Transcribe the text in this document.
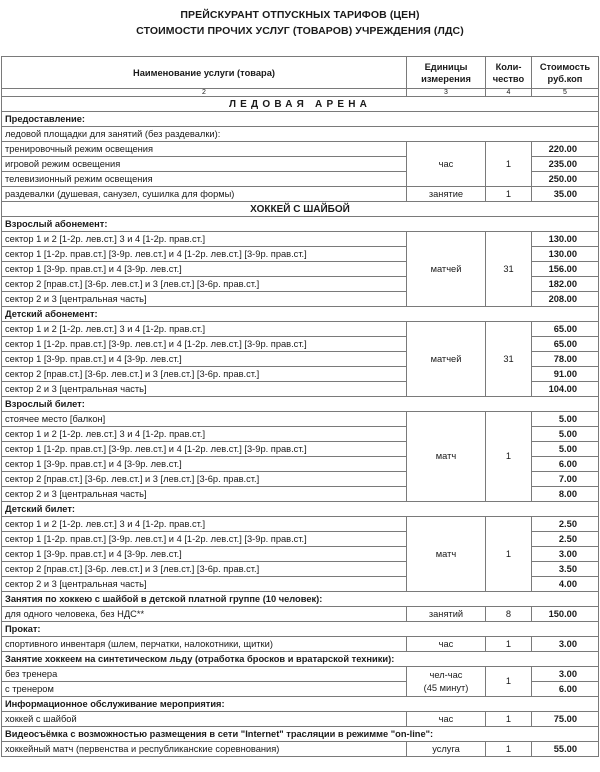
ПРЕЙСКУРАНТ ОТПУСКНЫХ ТАРИФОВ (ЦЕН)
СТОИМОСТИ ПРОЧИХ УСЛУГ (ТОВАРОВ) УЧРЕЖДЕНИЯ (ЛДС)
Наименование услуги (товара)	Единицы
измерения	Коли-
чество	Стоимость
руб.коп
2	3	4	5
ЛЕДОВАЯ АРЕНА			
Предоставление:			
ледовой площадки для занятий (без раздевалки):			
тренировочный режим освещения	час	1	220.00
игровой режим освещения			235.00
телевизионный режим освещения			250.00
раздевалки (душевая, санузел, сушилка для формы)	занятие	1	35.00
ХОККЕЙ С ШАЙБОЙ			
Взрослый абонемент:			
сектор 1 и 2 [1-2р. лев.ст.] 3 и 4 [1-2р. прав.ст.]	матчей	31	130.00
сектор 1 [1-2р. прав.ст.] [3-9р. лев.ст.] и 4 [1-2р. лев.ст.] [3-9р. прав.ст.]			130.00
сектор 1 [3-9р. прав.ст.] и 4 [3-9р. лев.ст.]			156.00
сектор 2 [прав.ст.] [3-6р. лев.ст.] и 3 [лев.ст.] [3-6р. прав.ст.]			182.00
сектор 2 и 3 [центральная часть]			208.00
Детский абонемент:			
сектор 1 и 2 [1-2р. лев.ст.] 3 и 4 [1-2р. прав.ст.]	матчей	31	65.00
сектор 1 [1-2р. прав.ст.] [3-9р. лев.ст.] и 4 [1-2р. лев.ст.] [3-9р. прав.ст.]			65.00
сектор 1 [3-9р. прав.ст.] и 4 [3-9р. лев.ст.]			78.00
сектор 2 [прав.ст.] [3-6р. лев.ст.] и 3 [лев.ст.] [3-6р. прав.ст.]			91.00
сектор 2 и 3 [центральная часть]			104.00
Взрослый билет:			
стоячее место [балкон]	матч	1	5.00
сектор 1 и 2 [1-2р. лев.ст.] 3 и 4 [1-2р. прав.ст.]			5.00
сектор 1 [1-2р. прав.ст.] [3-9р. лев.ст.] и 4 [1-2р. лев.ст.] [3-9р. прав.ст.]			5.00
сектор 1 [3-9р. прав.ст.] и 4 [3-9р. лев.ст.]			6.00
сектор 2 [прав.ст.] [3-6р. лев.ст.] и 3 [лев.ст.] [3-6р. прав.ст.]			7.00
сектор 2 и 3 [центральная часть]			8.00
Детский билет:			
сектор 1 и 2 [1-2р. лев.ст.] 3 и 4 [1-2р. прав.ст.]	матч	1	2.50
сектор 1 [1-2р. прав.ст.] [3-9р. лев.ст.] и 4 [1-2р. лев.ст.] [3-9р. прав.ст.]			2.50
сектор 1 [3-9р. прав.ст.] и 4 [3-9р. лев.ст.]			3.00
сектор 2 [прав.ст.] [3-6р. лев.ст.] и 3 [лев.ст.] [3-6р. прав.ст.]			3.50
сектор 2 и 3 [центральная часть]			4.00
Занятия по хоккею с шайбой в детской платной группе (10 человек):			
для одного человека, без НДС**	занятий	8	150.00
Прокат:			
спортивного инвентаря (шлем, перчатки, налокотники, щитки)	час	1	3.00
Занятие хоккеем на синтетическом льду (отработка бросков и вратарской техники):			
без тренера	чел-час
(45 минут)	1	3.00
с тренером			6.00
Информационное обслуживание мероприятия:			
хоккей с шайбой	час	1	75.00
Видеосъёмка с возможностью размещения в сети "Internet" трасляции в режимме "on-line":			
хоккейный матч (первенства и республиканские соревнования)	услуга	1	55.00
